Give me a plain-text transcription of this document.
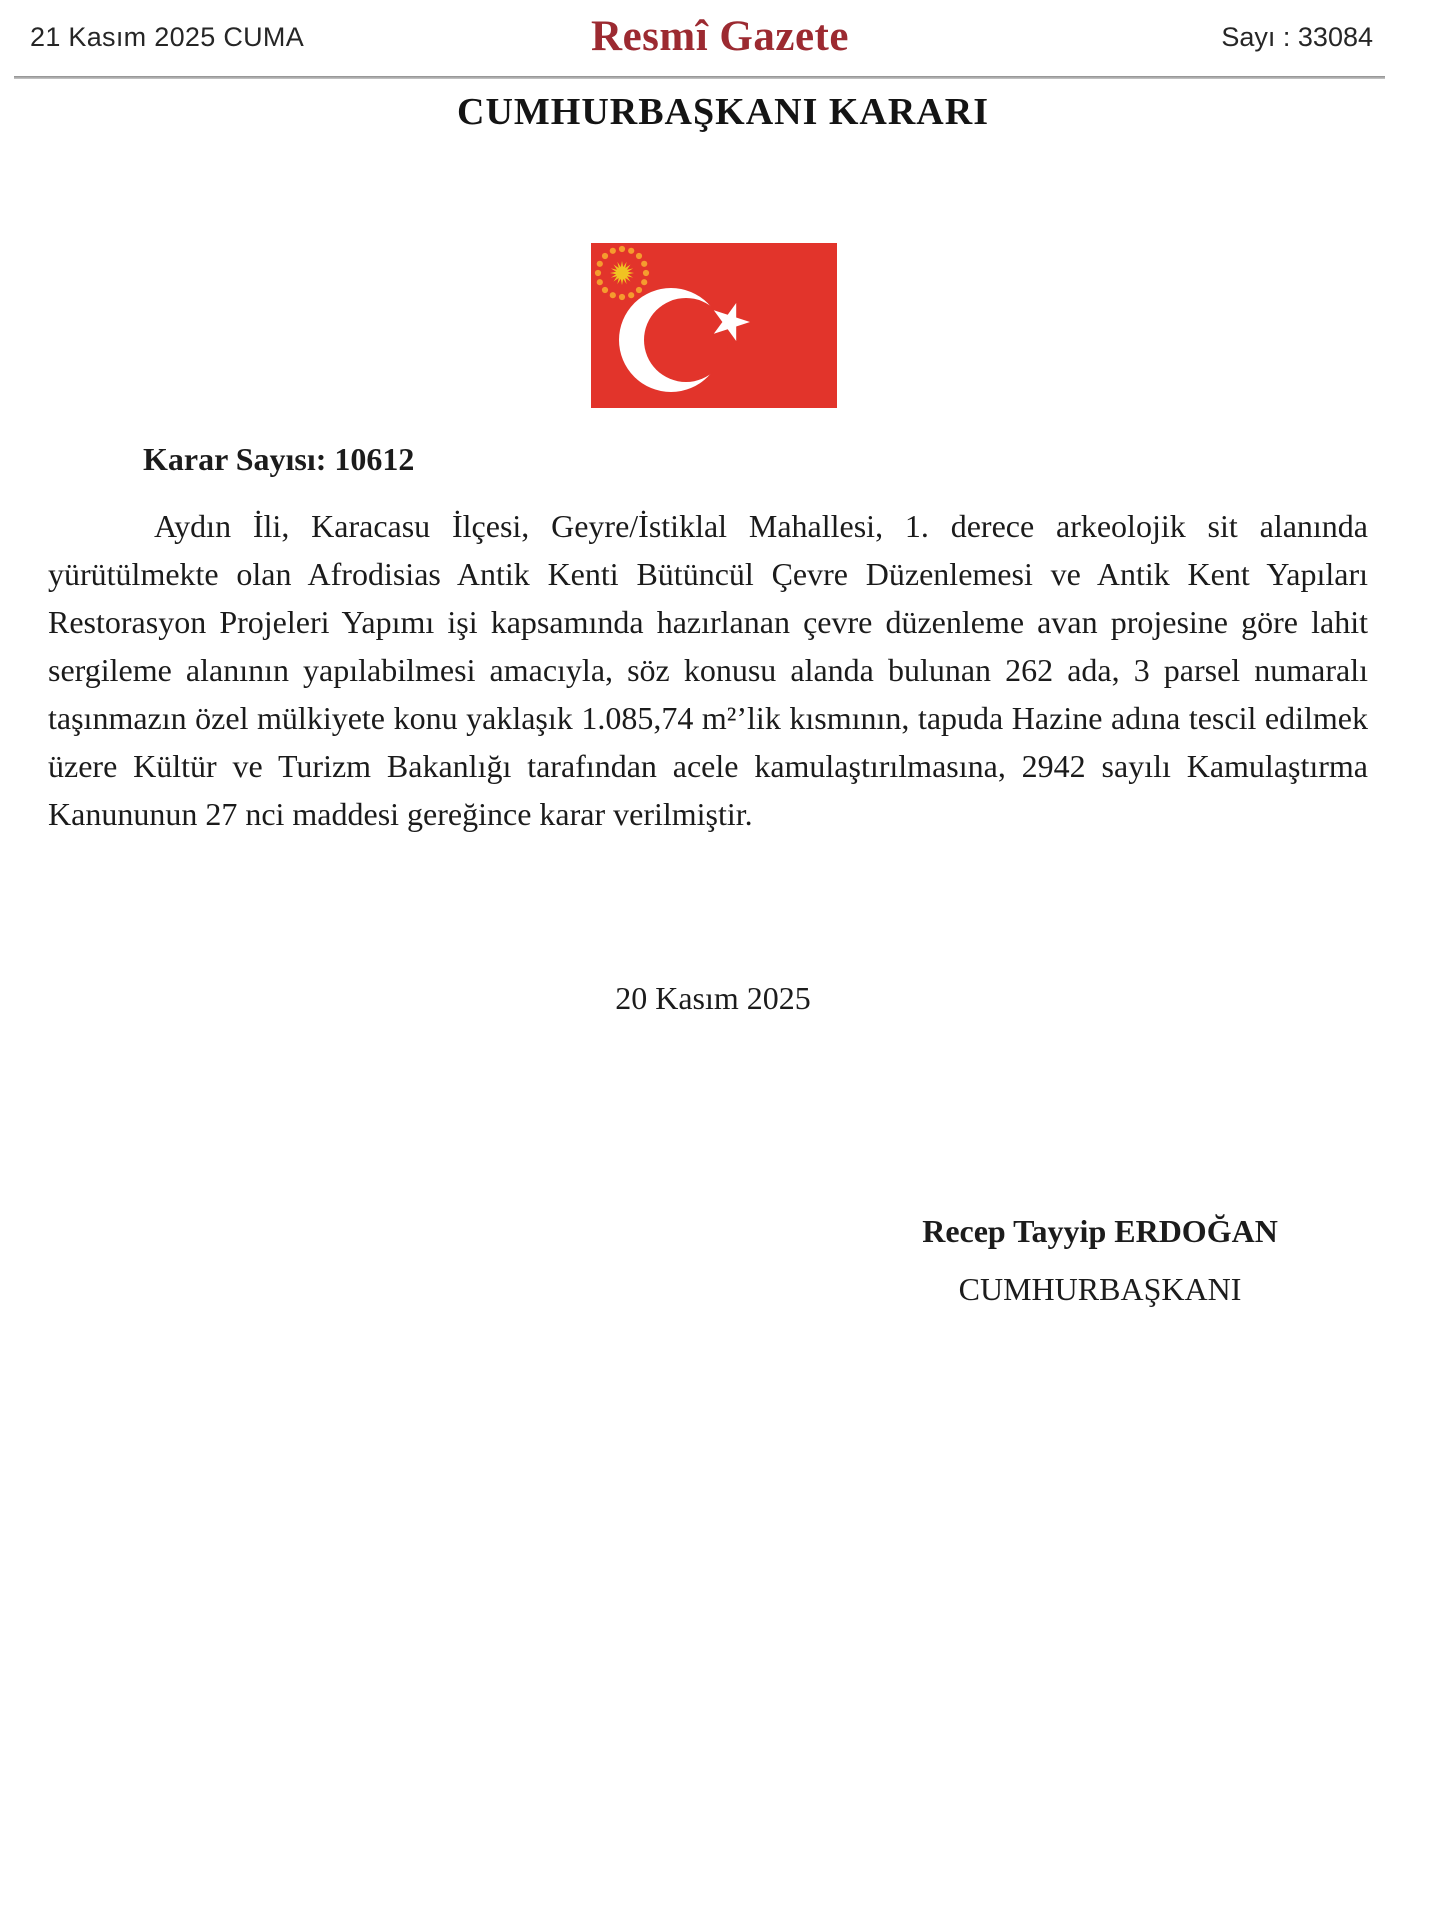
21 Kasım 2025 CUMA	Resmî Gazete	Sayı : 33084
CUMHURBAŞKANI KARARI
Karar Sayısı: 10612
Aydın İli, Karacasu İlçesi, Geyre/İstiklal Mahallesi, 1. derece arkeolojik sit alanında yürütülmekte olan Afrodisias Antik Kenti Bütüncül Çevre Düzenlemesi ve Antik Kent Yapıları Restorasyon Projeleri Yapımı işi kapsamında hazırlanan çevre düzenleme avan projesine göre lahit sergileme alanının yapılabilmesi amacıyla, söz konusu alanda bulunan 262 ada, 3 parsel numaralı taşınmazın özel mülkiyete konu yaklaşık 1.085,74 m²’lik kısmının, tapuda Hazine adına tescil edilmek üzere Kültür ve Turizm Bakanlığı tarafından acele kamulaştırılmasına, 2942 sayılı Kamulaştırma Kanununun 27 nci maddesi gereğince karar verilmiştir.
20 Kasım 2025
Recep Tayyip ERDOĞAN
CUMHURBAŞKANI
